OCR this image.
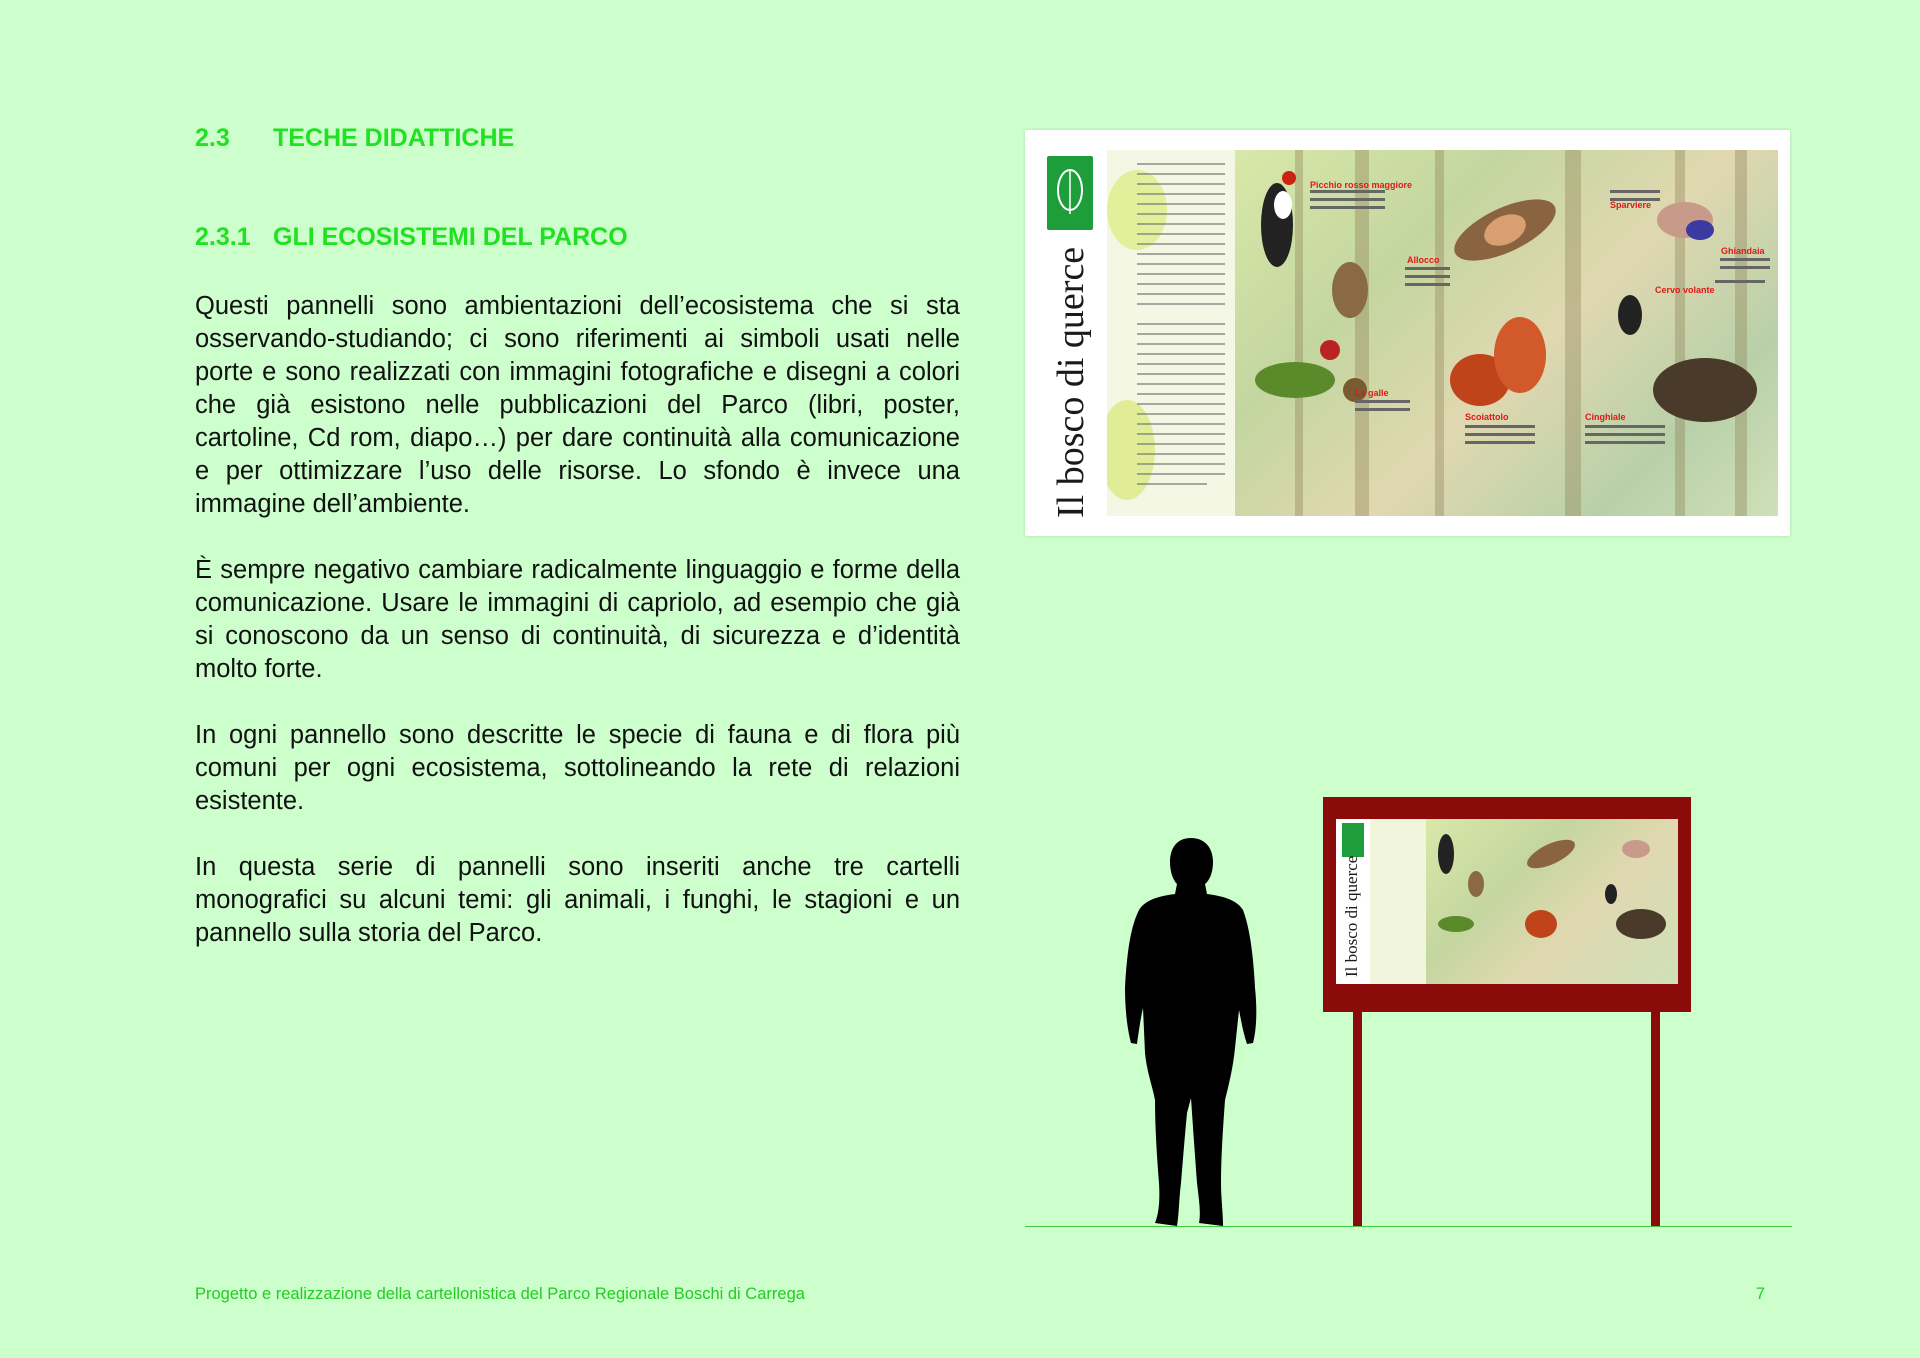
2.3 TECHE DIDATTICHE
2.3.1 GLI ECOSISTEMI DEL PARCO

Questi pannelli sono ambientazioni dell’ecosistema che si sta osservando-studiando; ci sono riferimenti ai simboli usati nelle porte e sono realizzati con immagini fotografiche e disegni a colori che già esistono nelle pubblicazioni del Parco (libri, poster, cartoline, Cd rom, diapo…) per dare continuità alla comunicazione e per ottimizzare l’uso delle risorse. Lo sfondo è invece una immagine dell’ambiente.

È sempre negativo cambiare radicalmente linguaggio e forme della comunicazione. Usare le immagini di capriolo, ad esempio che già si conoscono da un senso di continuità, di sicurezza e d’identità molto forte.

In ogni pannello sono descritte le specie di fauna e di flora più comuni per ogni ecosistema, sottolineando la rete di relazioni esistente.

In questa serie di pannelli sono inseriti anche tre cartelli monografici su alcuni temi: gli animali, i funghi, le stagioni e un pannello sulla storia del Parco.

Il bosco di querce
Picchio rosso maggiore
Sparviere
Ghiandaia
Allocco
Cervo volante
Le galle
Scoiattolo	Cinghiale
Il bosco di querce
Progetto e realizzazione della cartellonistica del Parco Regionale Boschi di Carrega	7
